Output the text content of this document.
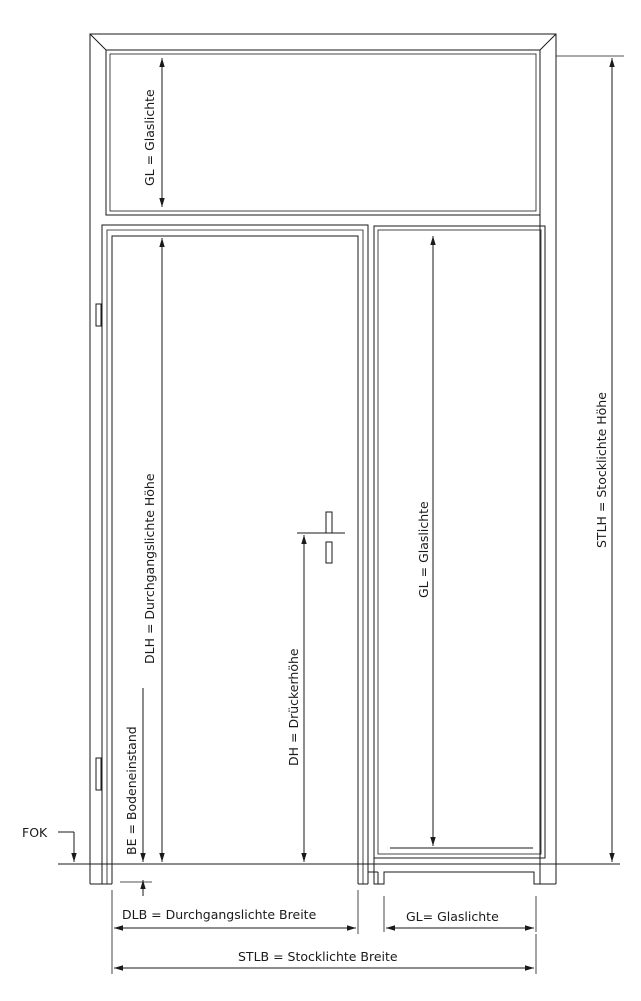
FOK
GL = Glaslichte
DLH = Durchgangslichte Höhe
DH = Drückerhöhe
GL = Glaslichte
STLH = Stocklichte Höhe
BE = Bodeneinstand
DLB = Durchgangslichte Breite	GL= Glaslichte
STLB = Stocklichte Breite
